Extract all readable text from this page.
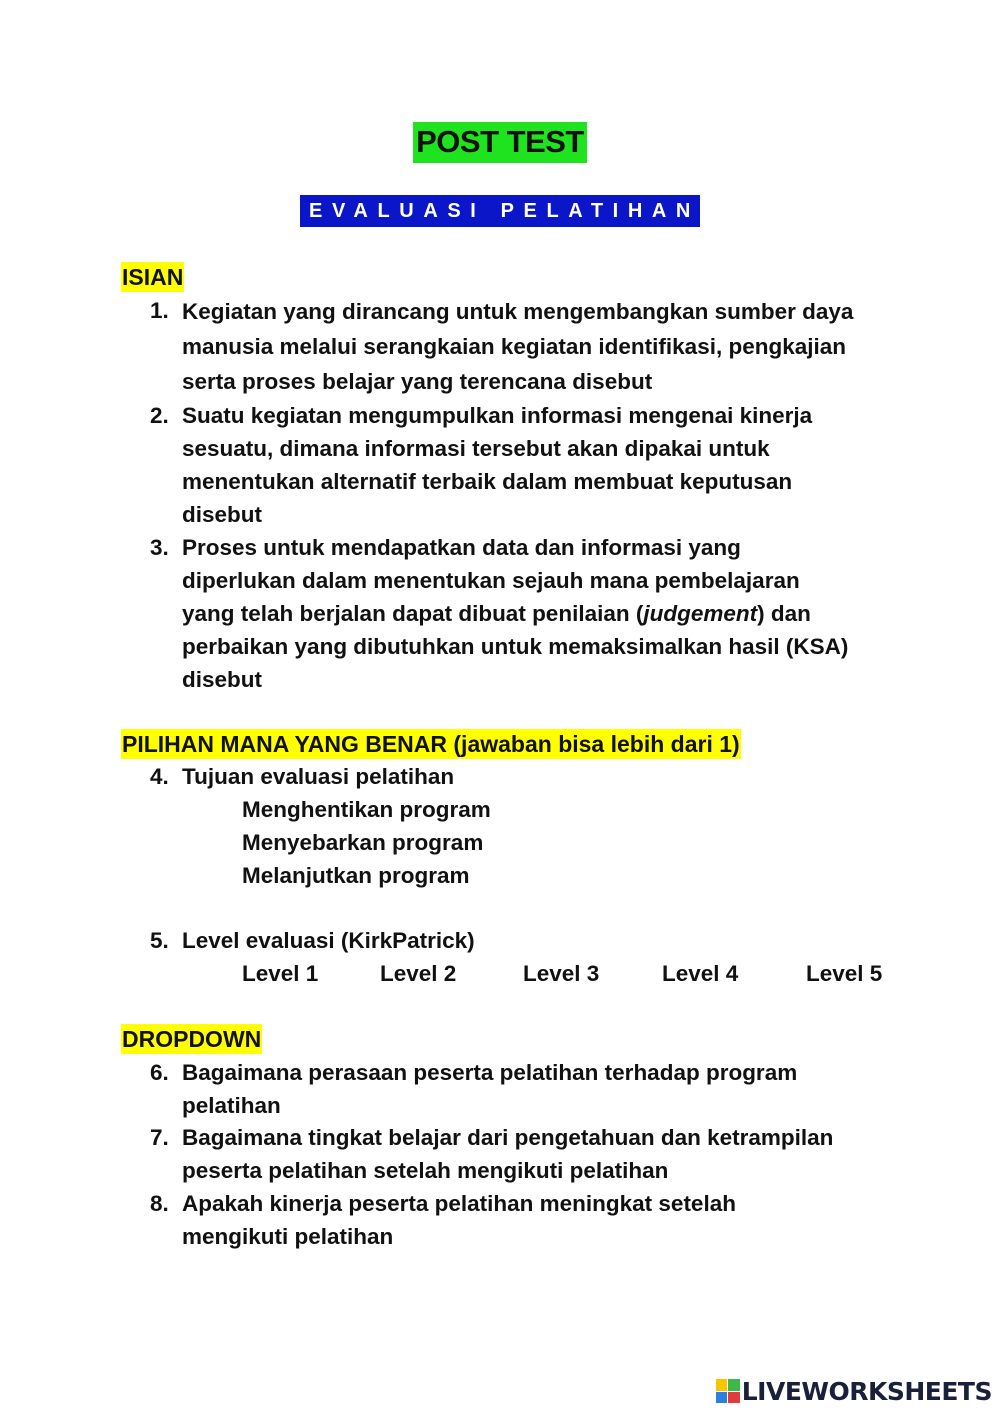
POST TEST
EVALUASI PELATIHAN
ISIAN
1. Kegiatan yang dirancang untuk mengembangkan sumber daya
manusia melalui serangkaian kegiatan identifikasi, pengkajian
serta proses belajar yang terencana disebut
2. Suatu kegiatan mengumpulkan informasi mengenai kinerja
sesuatu, dimana informasi tersebut akan dipakai untuk
menentukan alternatif terbaik dalam membuat keputusan
disebut
3. Proses untuk mendapatkan data dan informasi yang
diperlukan dalam menentukan sejauh mana pembelajaran
yang telah berjalan dapat dibuat penilaian (judgement) dan
perbaikan yang dibutuhkan untuk memaksimalkan hasil (KSA)
disebut
PILIHAN MANA YANG BENAR (jawaban bisa lebih dari 1)
4. Tujuan evaluasi pelatihan
Menghentikan program
Menyebarkan program
Melanjutkan program
5. Level evaluasi (KirkPatrick)
Level 1	Level 2	Level 3	Level 4	Level 5
DROPDOWN
6. Bagaimana perasaan peserta pelatihan terhadap program
pelatihan
7. Bagaimana tingkat belajar dari pengetahuan dan ketrampilan
peserta pelatihan setelah mengikuti pelatihan
8. Apakah kinerja peserta pelatihan meningkat setelah
mengikuti pelatihan
LIVEWORKSHEETS
